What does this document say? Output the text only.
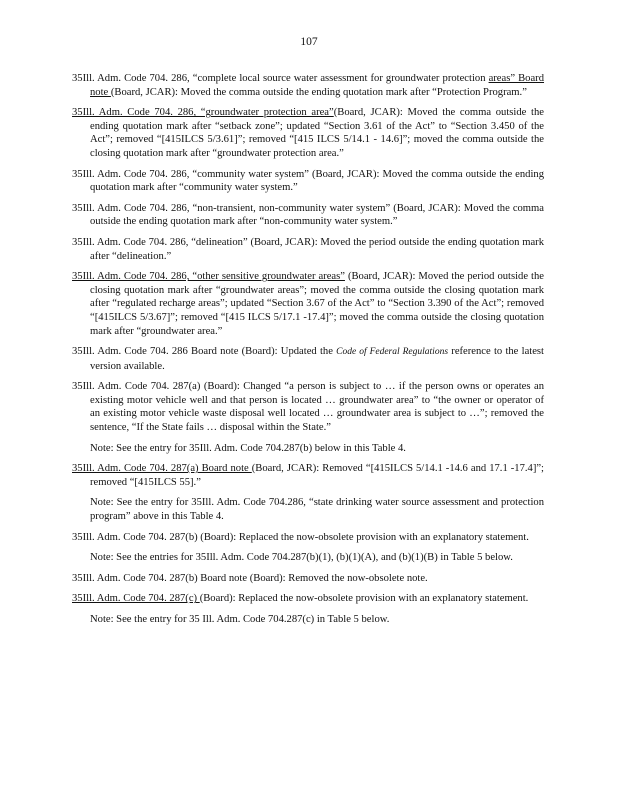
107

35Ill. Adm. Code 704. 286, “complete local source water assessment for groundwater protection areas” Board note (Board, JCAR): Moved the comma outside the ending quotation mark after “Protection Program.”

35Ill. Adm. Code 704. 286, “groundwater protection area”(Board, JCAR): Moved the comma outside the ending quotation mark after “setback zone”; updated “Section 3.61 of the Act” to “Section 3.450 of the Act”; removed “[415ILCS 5/3.61]”; removed “[415 ILCS 5/14.1 - 14.6]”; moved the comma outside the closing quotation mark after “groundwater protection area.”

35Ill. Adm. Code 704. 286, “community water system” (Board, JCAR): Moved the comma outside the ending quotation mark after “community water system.”

35Ill. Adm. Code 704. 286, “non-transient, non-community water system” (Board, JCAR): Moved the comma outside the ending quotation mark after “non-community water system.”

35Ill. Adm. Code 704. 286, “delineation” (Board, JCAR): Moved the period outside the ending quotation mark after “delineation.”

35Ill. Adm. Code 704. 286, “other sensitive groundwater areas” (Board, JCAR): Moved the period outside the closing quotation mark after “groundwater areas”; moved the comma outside the closing quotation mark after “regulated recharge areas”; updated “Section 3.67 of the Act” to “Section 3.390 of the Act”; removed “[415ILCS 5/3.67]”; removed “[415 ILCS 5/17.1 -17.4]”; moved the comma outside the closing quotation mark after “groundwater area.”

35Ill. Adm. Code 704. 286 Board note (Board): Updated the Code of Federal Regulations reference to the latest version available.

35Ill. Adm. Code 704. 287(a) (Board): Changed “a person is subject to … if the person owns or operates an existing motor vehicle well and that person is located … groundwater area” to “the owner or operator of an existing motor vehicle waste disposal well located … groundwater area is subject to …”; removed the sentence, “If the State fails … disposal within the State.”

Note: See the entry for 35Ill. Adm. Code 704.287(b) below in this Table 4.

35Ill. Adm. Code 704. 287(a) Board note (Board, JCAR): Removed “[415ILCS 5/14.1 -14.6 and 17.1 -17.4]”; removed “[415ILCS 55].”

Note: See the entry for 35Ill. Adm. Code 704.286, “state drinking water source assessment and protection program” above in this Table 4.

35Ill. Adm. Code 704. 287(b) (Board): Replaced the now-obsolete provision with an explanatory statement.

Note: See the entries for 35Ill. Adm. Code 704.287(b)(1), (b)(1)(A), and (b)(1)(B) in Table 5 below.

35Ill. Adm. Code 704. 287(b) Board note (Board): Removed the now-obsolete note.

35Ill. Adm. Code 704. 287(c) (Board): Replaced the now-obsolete provision with an explanatory statement.

Note: See the entry for 35 Ill. Adm. Code 704.287(c) in Table 5 below.
